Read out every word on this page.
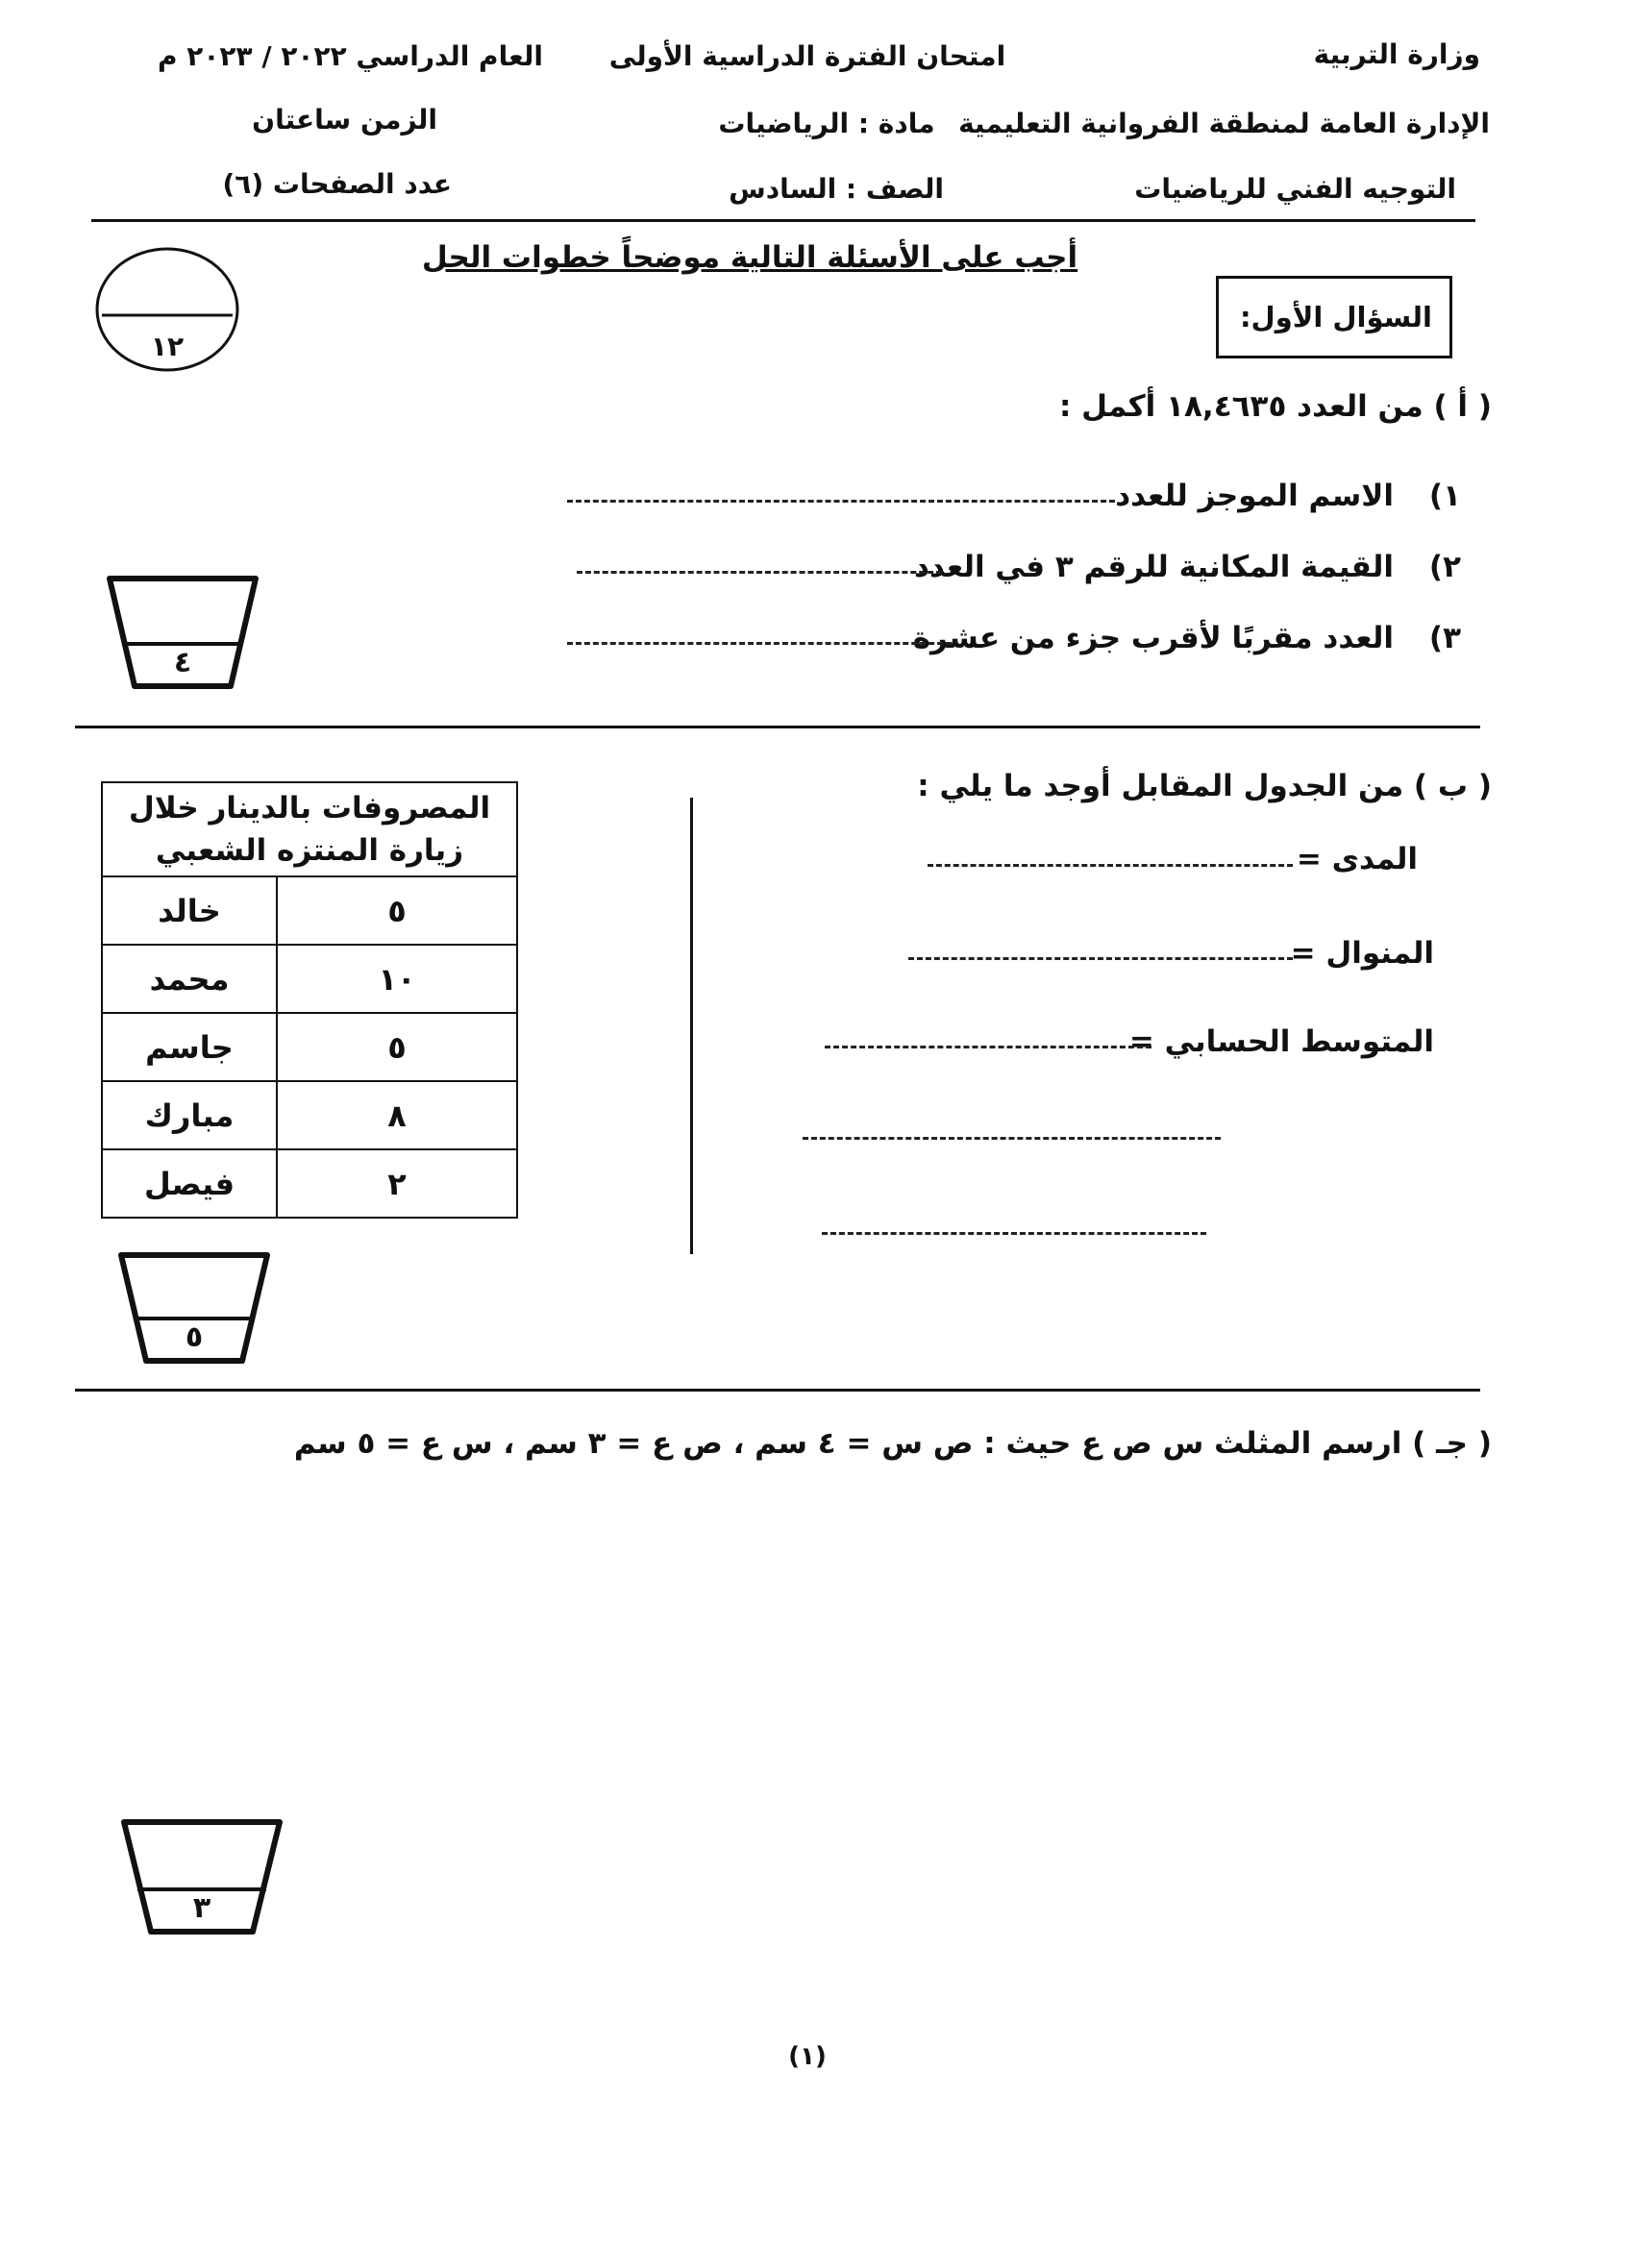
وزارة التربية
الإدارة العامة لمنطقة الفروانية التعليمية
التوجيه الفني للرياضيات
امتحان الفترة الدراسية الأولى
مادة : الرياضيات
الصف : السادس
العام الدراسي ٢٠٢٢ / ٢٠٢٣ م
الزمن ساعتان
عدد الصفحات (٦)
أجب على الأسئلة التالية موضحاً خطوات الحل
السؤال الأول:
١٢
( أ ) من العدد ١٨,٤٦٣٥ أكمل :
١)
الاسم الموجز للعدد
٢)
القيمة المكانية للرقم ٣ في العدد
٣)
العدد مقربًا لأقرب جزء من عشرة
٤
( ب ) من الجدول المقابل أوجد ما يلي :
المدى =
المنوال =
المتوسط الحسابي =
المصروفات بالدينار خلال زيارة المنتزه الشعبي	
خالد	٥
محمد	١٠
جاسم	٥
مبارك	٨
فيصل	٢
٥
( جـ ) ارسم المثلث س ص ع حيث : ص س = ٤ سم ، ص ع = ٣ سم ، س ع = ٥ سم
٣
(١)
